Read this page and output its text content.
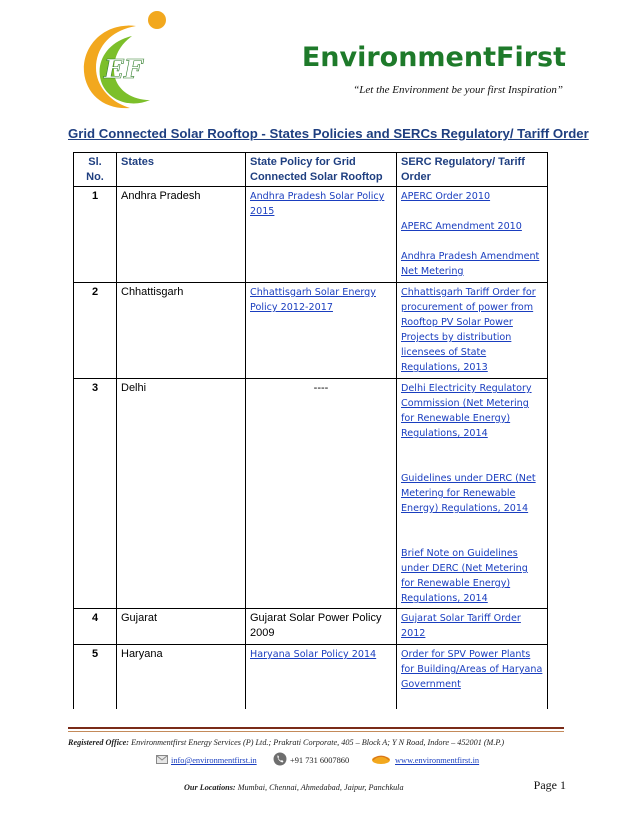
EF	EnvironmentFirst
“Let the Environment be your first Inspiration”
Grid Connected Solar Rooftop - States Policies and SERCs Regulatory/ Tariff Order
Sl. No.	States	State Policy for Grid Connected Solar Rooftop	SERC Regulatory/ Tariff Order
1	Andhra Pradesh	Andhra Pradesh Solar Policy 2015	APERC Order 2010
APERC Amendment 2010
Andhra Pradesh Amendment Net Metering
2	Chhattisgarh	Chhattisgarh Solar Energy Policy 2012-2017	Chhattisgarh Tariff Order for procurement of power from Rooftop PV Solar Power Projects by distribution licensees of State Regulations, 2013
3	Delhi	----	Delhi Electricity Regulatory Commission (Net Metering for Renewable Energy) Regulations, 2014
Guidelines under DERC (Net Metering for Renewable Energy) Regulations, 2014
Brief Note on Guidelines under DERC (Net Metering for Renewable Energy) Regulations, 2014
4	Gujarat	Gujarat Solar Power Policy 2009	Gujarat Solar Tariff Order 2012
5	Haryana	Haryana Solar Policy 2014	Order for SPV Power Plants for Building/Areas of Haryana Government
Registered Office: Environmentfirst Energy Services (P) Ltd.; Prakrati Corporate, 405 – Block A; Y N Road, Indore – 452001 (M.P.)
info@environmentfirst.in	+91 731 6007860	www.environmentfirst.in
Our Locations: Mumbai, Chennai, Ahmedabad, Jaipur, Panchkula	Page 1
